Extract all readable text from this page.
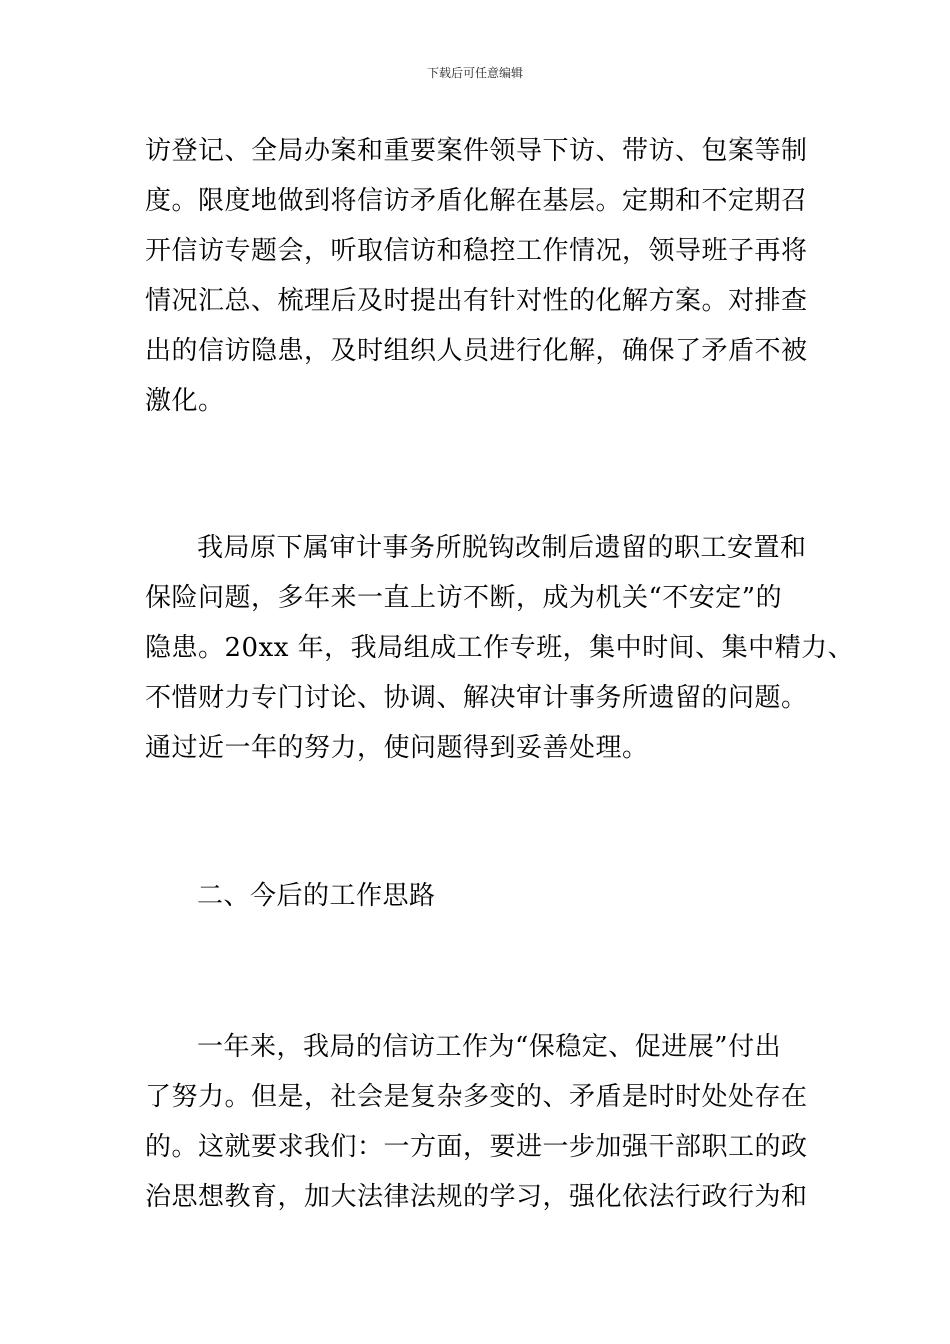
下载后可任意编辑
访登记、全局办案和重要案件领导下访、带访、包案等制
度。限度地做到将信访矛盾化解在基层。定期和不定期召
开信访专题会，听取信访和稳控工作情况，领导班子再将
情况汇总、梳理后及时提出有针对性的化解方案。对排查
出的信访隐患，及时组织人员进行化解，确保了矛盾不被
激化。
我局原下属审计事务所脱钩改制后遗留的职工安置和
保险问题，多年来一直上访不断，成为机关“不安定”的
隐患。20xx 年，我局组成工作专班，集中时间、集中精力、
不惜财力专门讨论、协调、解决审计事务所遗留的问题。
通过近一年的努力，使问题得到妥善处理。
二、今后的工作思路
一年来，我局的信访工作为“保稳定、促进展”付出
了努力。但是，社会是复杂多变的、矛盾是时时处处存在
的。这就要求我们：一方面，要进一步加强干部职工的政
治思想教育，加大法律法规的学习，强化依法行政行为和
